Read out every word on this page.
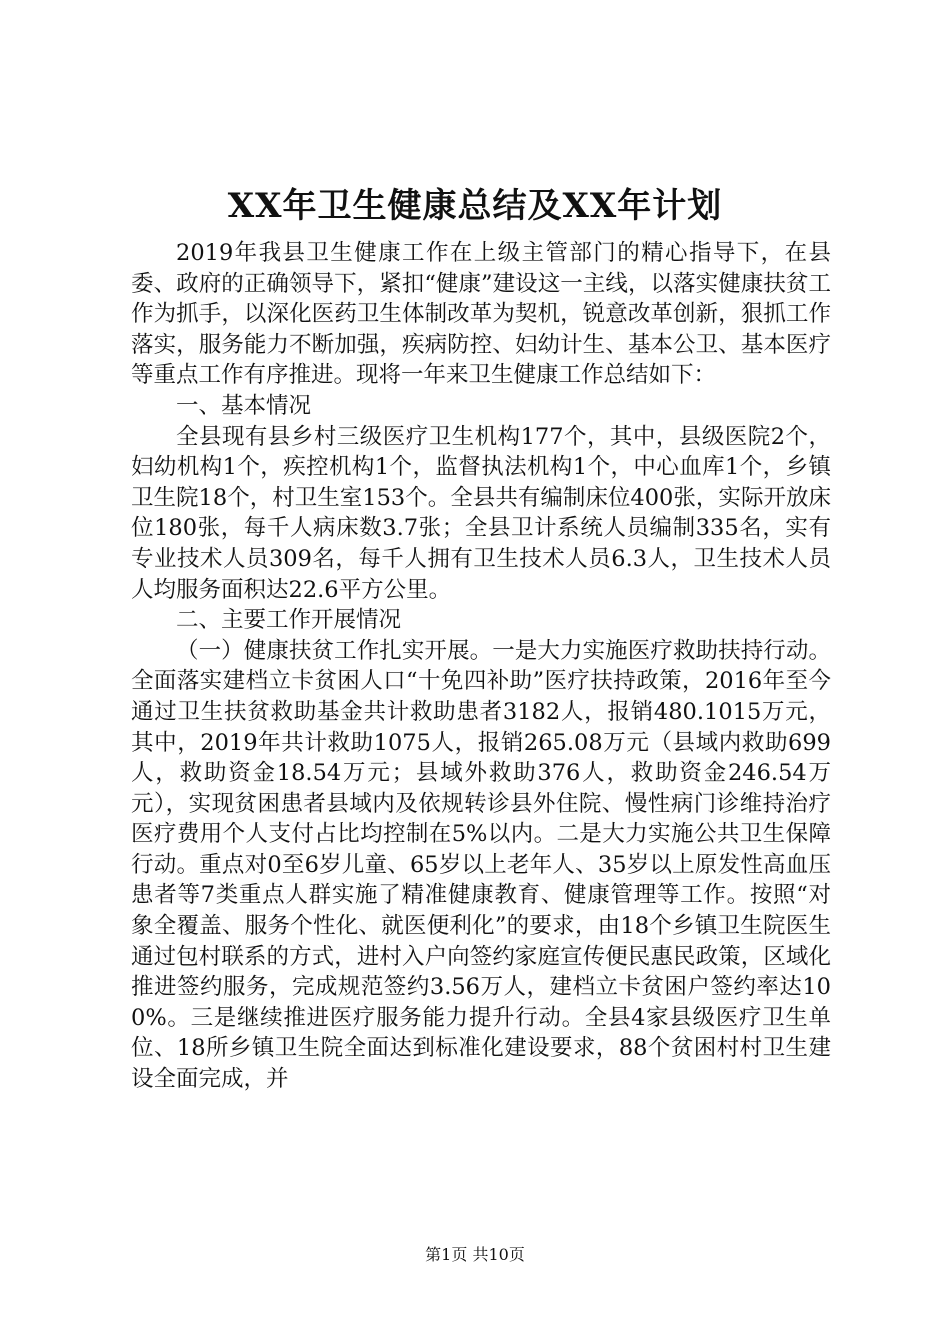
XX年卫生健康总结及XX年计划

2019年我县卫生健康工作在上级主管部门的精心指导下，在县委、政府的正确领导下，紧扣“健康”建设这一主线，以落实健康扶贫工作为抓手，以深化医药卫生体制改革为契机，锐意改革创新，狠抓工作落实，服务能力不断加强，疾病防控、妇幼计生、基本公卫、基本医疗等重点工作有序推进。现将一年来卫生健康工作总结如下：

一、基本情况

全县现有县乡村三级医疗卫生机构177个，其中，县级医院2个，妇幼机构1个，疾控机构1个，监督执法机构1个，中心血库1个，乡镇卫生院18个，村卫生室153个。全县共有编制床位400张，实际开放床位180张，每千人病床数3.7张；全县卫计系统人员编制335名，实有专业技术人员309名，每千人拥有卫生技术人员6.3人，卫生技术人员人均服务面积达22.6平方公里。

二、主要工作开展情况

（一）健康扶贫工作扎实开展。一是大力实施医疗救助扶持行动。全面落实建档立卡贫困人口“十免四补助”医疗扶持政策，2016年至今通过卫生扶贫救助基金共计救助患者3182人，报销480.1015万元，其中，2019年共计救助1075人，报销265.08万元（县域内救助699人，救助资金18.54万元；县域外救助376人，救助资金246.54万元），实现贫困患者县域内及依规转诊县外住院、慢性病门诊维持治疗医疗费用个人支付占比均控制在5%以内。二是大力实施公共卫生保障行动。重点对0至6岁儿童、65岁以上老年人、35岁以上原发性高血压患者等7类重点人群实施了精准健康教育、健康管理等工作。按照“对象全覆盖、服务个性化、就医便利化”的要求，由18个乡镇卫生院医生通过包村联系的方式，进村入户向签约家庭宣传便民惠民政策，区域化推进签约服务，完成规范签约3.56万人，建档立卡贫困户签约率达100%。三是继续推进医疗服务能力提升行动。全县4家县级医疗卫生单位、18所乡镇卫生院全面达到标准化建设要求，88个贫困村村卫生建设全面完成，并

第1页 共10页
